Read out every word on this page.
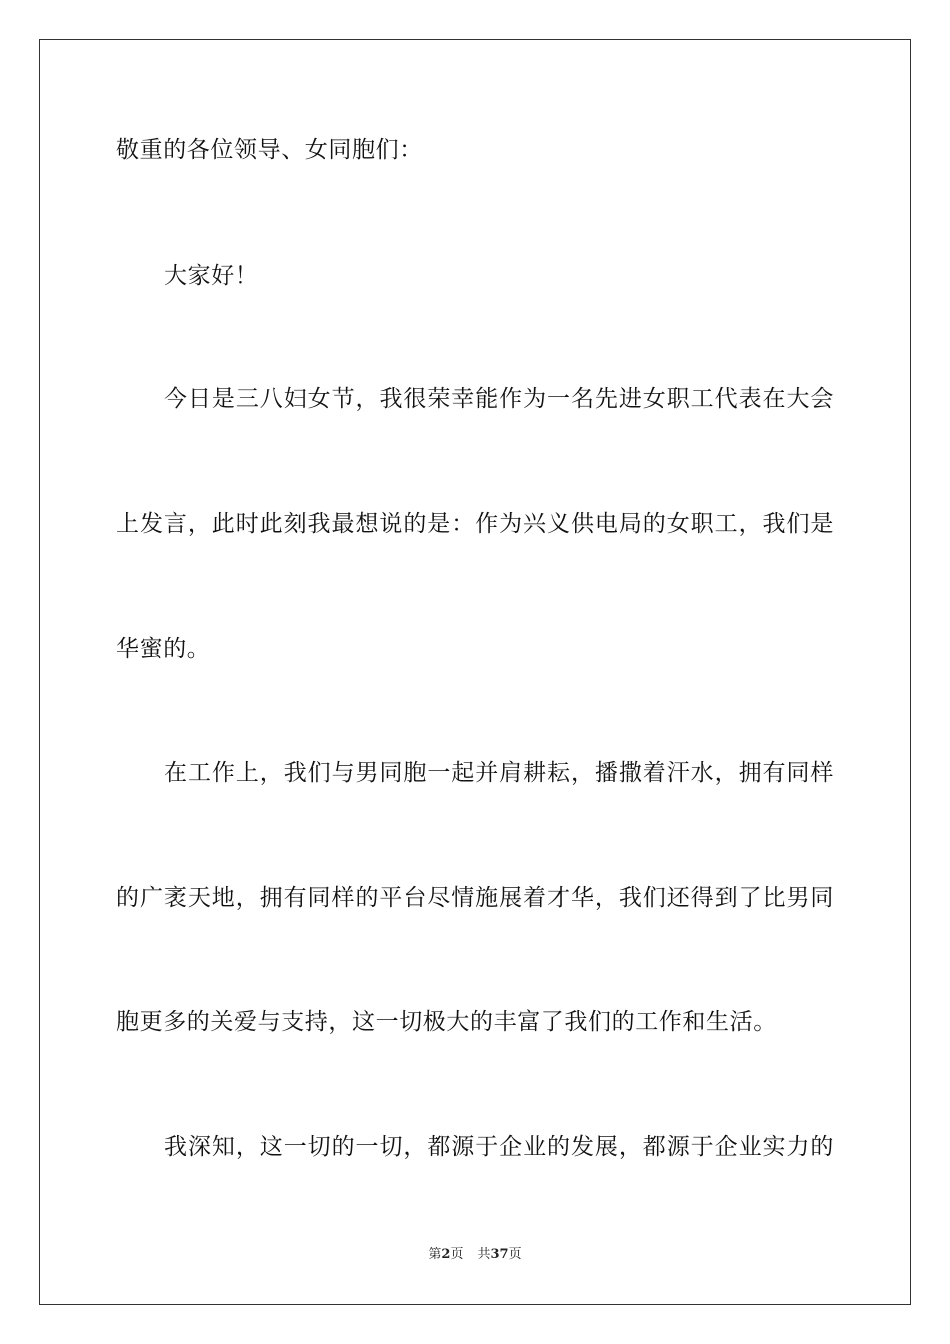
敬重的各位领导、女同胞们：
大家好！
今日是三八妇女节，我很荣幸能作为一名先进女职工代表在大会
上发言，此时此刻我最想说的是：作为兴义供电局的女职工，我们是
华蜜的。
在工作上，我们与男同胞一起并肩耕耘，播撒着汗水，拥有同样
的广袤天地，拥有同样的平台尽情施展着才华，我们还得到了比男同
胞更多的关爱与支持，这一切极大的丰富了我们的工作和生活。
我深知，这一切的一切，都源于企业的发展，都源于企业实力的
第2页 共37页
